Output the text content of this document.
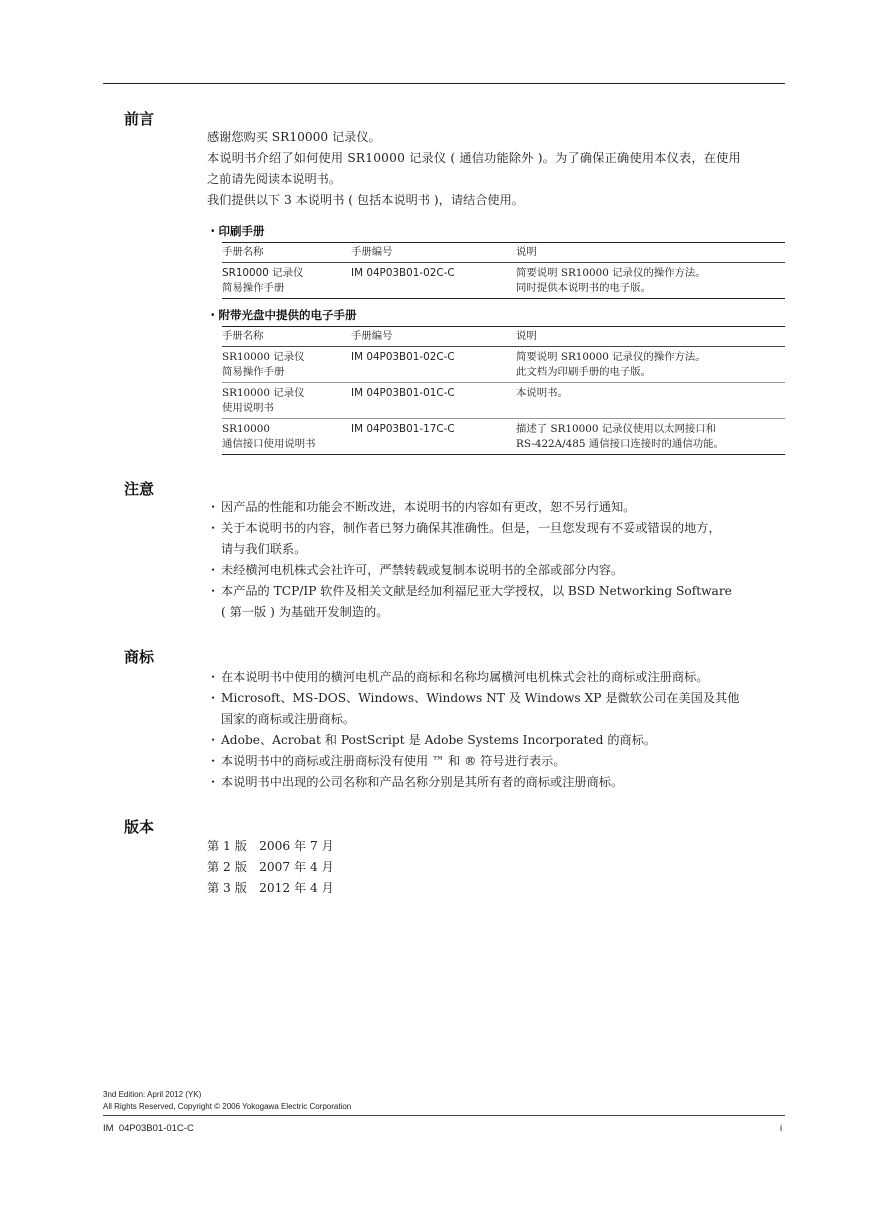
前言
感谢您购买 SR10000 记录仪。
本说明书介绍了如何使用 SR10000 记录仪 ( 通信功能除外 )。为了确保正确使用本仪表，在使用
之前请先阅读本说明书。
我们提供以下 3 本说明书 ( 包括本说明书 )，请结合使用。
・印刷手册
手册名称	手册编号	说明
SR10000 记录仪
简易操作手册	IM 04P03B01-02C-C	简要说明 SR10000 记录仪的操作方法。
同时提供本说明书的电子版。
・附带光盘中提供的电子手册
手册名称	手册编号	说明
SR10000 记录仪
简易操作手册	IM 04P03B01-02C-C	简要说明 SR10000 记录仪的操作方法。
此文档为印刷手册的电子版。
SR10000 记录仪
使用说明书	IM 04P03B01-01C-C	本说明书。
SR10000
通信接口使用说明书	IM 04P03B01-17C-C	描述了 SR10000 记录仪使用以太网接口和
RS-422A/485 通信接口连接时的通信功能。
注意
・ 因产品的性能和功能会不断改进，本说明书的内容如有更改，恕不另行通知。
・ 关于本说明书的内容，制作者已努力确保其准确性。但是，一旦您发现有不妥或错误的地方，
请与我们联系。
・ 未经横河电机株式会社许可，严禁转载或复制本说明书的全部或部分内容。
・ 本产品的 TCP/IP 软件及相关文献是经加利福尼亚大学授权，以 BSD Networking Software
( 第一版 ) 为基础开发制造的。
商标
・ 在本说明书中使用的横河电机产品的商标和名称均属横河电机株式会社的商标或注册商标。
・ Microsoft、MS-DOS、Windows、Windows NT 及 Windows XP 是微软公司在美国及其他
国家的商标或注册商标。
・ Adobe、Acrobat 和 PostScript 是 Adobe Systems Incorporated 的商标。
・ 本说明书中的商标或注册商标没有使用 ™ 和 ® 符号进行表示。
・ 本说明书中出现的公司名称和产品名称分别是其所有者的商标或注册商标。
版本
第 1 版　2006 年 7 月
第 2 版　2007 年 4 月
第 3 版　2012 年 4 月
3nd Edition: April 2012 (YK)
All Rights Reserved, Copyright © 2006 Yokogawa Electric Corporation
IM  04P03B01-01C-C	i
